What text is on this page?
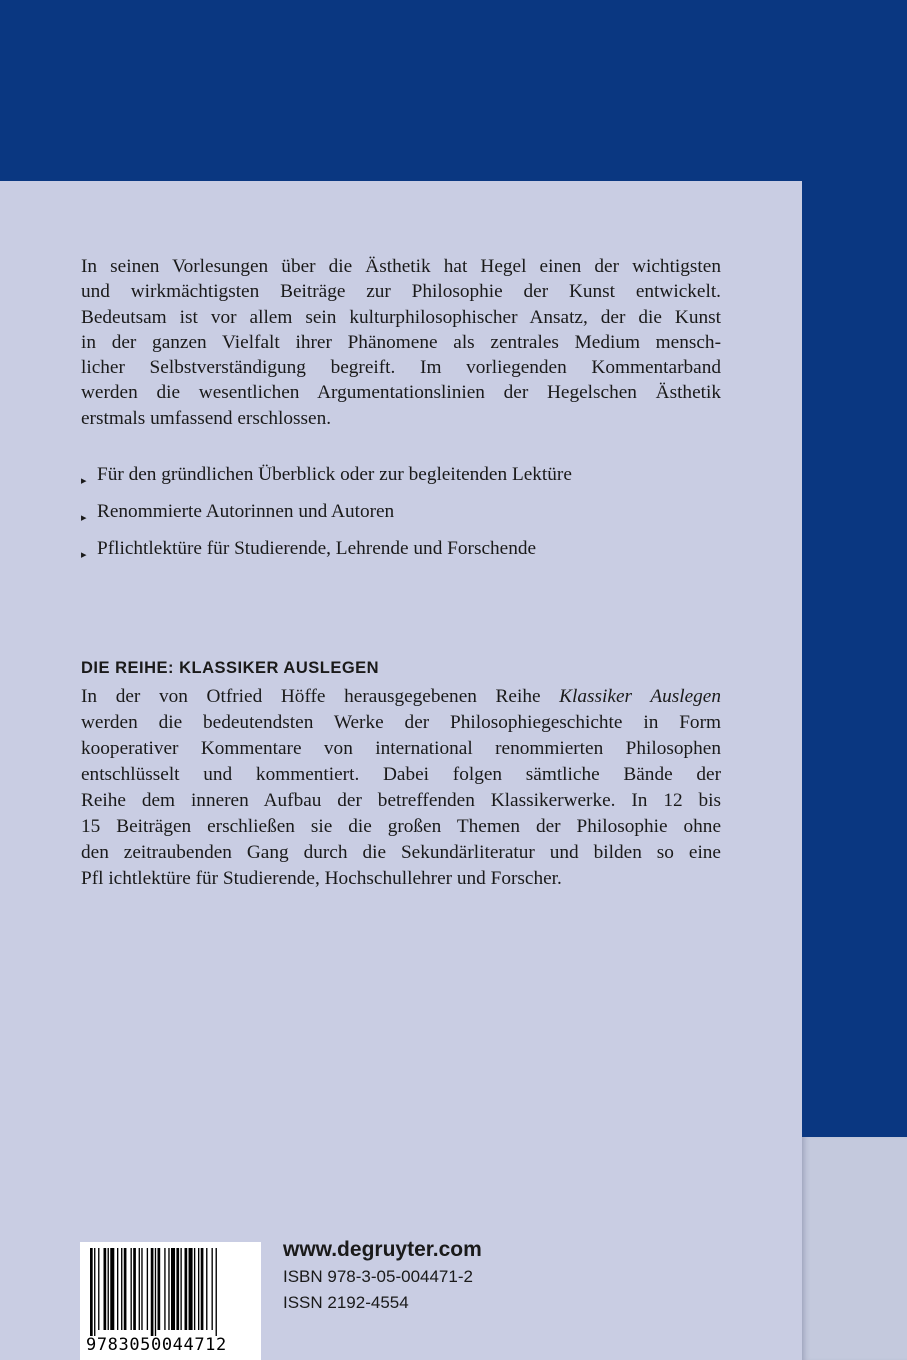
In seinen Vorlesungen über die Ästhetik hat Hegel einen der wichtigsten
und wirkmächtigsten Beiträge zur Philosophie der Kunst entwickelt.
Bedeutsam ist vor allem sein kulturphilosophischer Ansatz, der die Kunst
in der ganzen Vielfalt ihrer Phänomene als zentrales Medium mensch-
licher Selbstverständigung begreift. Im vorliegenden Kommentarband
werden die wesentlichen Argumentationslinien der Hegelschen Ästhetik
erstmals umfassend erschlossen.
▸ Für den gründlichen Überblick oder zur begleitenden Lektüre
▸ Renommierte Autorinnen und Autoren
▸ Pflichtlektüre für Studierende, Lehrende und Forschende
DIE REIHE: KLASSIKER AUSLEGEN
In der von Otfried Höffe herausgegebenen Reihe Klassiker Auslegen
werden die bedeutendsten Werke der Philosophiegeschichte in Form
kooperativer Kommentare von international renommierten Philosophen
entschlüsselt und kommentiert. Dabei folgen sämtliche Bände der
Reihe dem inneren Aufbau der betreffenden Klassikerwerke. In 12 bis
15 Beiträgen erschließen sie die großen Themen der Philosophie ohne
den zeitraubenden Gang durch die Sekundärliteratur und bilden so eine
Pfl ichtlektüre für Studierende, Hochschullehrer und Forscher.
9783050044712
www.degruyter.com
ISBN 978-3-05-004471-2
ISSN 2192-4554
